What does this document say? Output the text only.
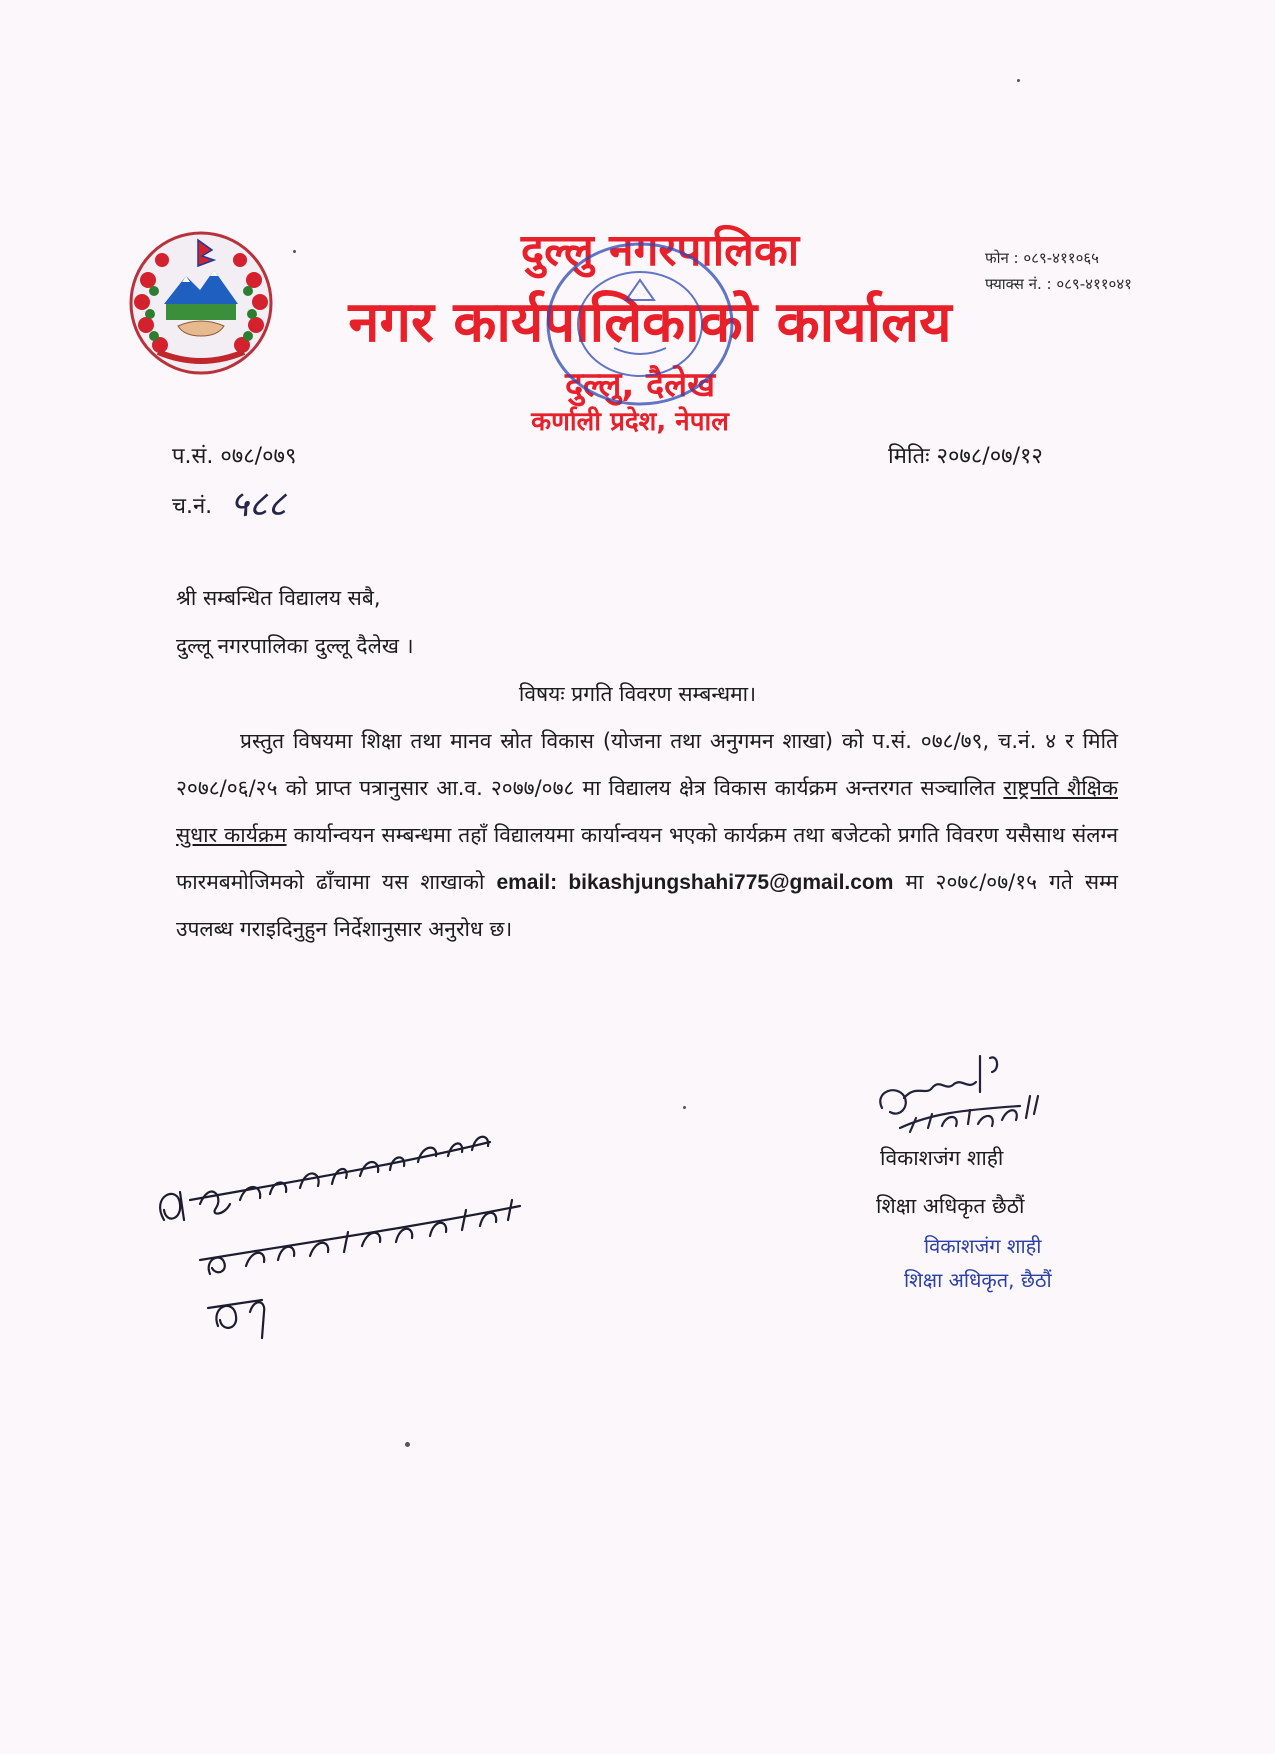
दुल्लु नगरपालिका
नगर कार्यपालिकाको कार्यालय
दुल्लु, दैलेख
कर्णाली प्रदेश, नेपाल
फोन : ०८९-४११०६५
फ्याक्स नं. : ०८९-४११०४१
प.सं. ०७८/०७९	मितिः २०७८/०७/१२
च.नं. ५८८
श्री सम्बन्धित विद्यालय सबै,
दुल्लू नगरपालिका दुल्लू दैलेख ।
विषयः प्रगति विवरण सम्बन्धमा।
प्रस्तुत विषयमा शिक्षा तथा मानव स्रोत विकास (योजना तथा अनुगमन शाखा) को प.सं. ०७८/७९, च.नं. ४ र मिति २०७८/०६/२५ को प्राप्त पत्रानुसार आ.व. २०७७/०७८ मा विद्यालय क्षेत्र विकास कार्यक्रम अन्तरगत सञ्चालित राष्ट्रपति शैक्षिक सुधार कार्यक्रम कार्यान्वयन सम्बन्धमा तहाँ विद्यालयमा कार्यान्वयन भएको कार्यक्रम तथा बजेटको प्रगति विवरण यसैसाथ संलग्न फारमबमोजिमको ढाँचामा यस शाखाको email: bikashjungshahi775@gmail.com मा २०७८/०७/१५ गते सम्म उपलब्ध गराइदिनुहुन निर्देशानुसार अनुरोध छ।
विकाशजंग शाही
शिक्षा अधिकृत छैठौं
विकाशजंग शाही
शिक्षा अधिकृत, छैठौं
